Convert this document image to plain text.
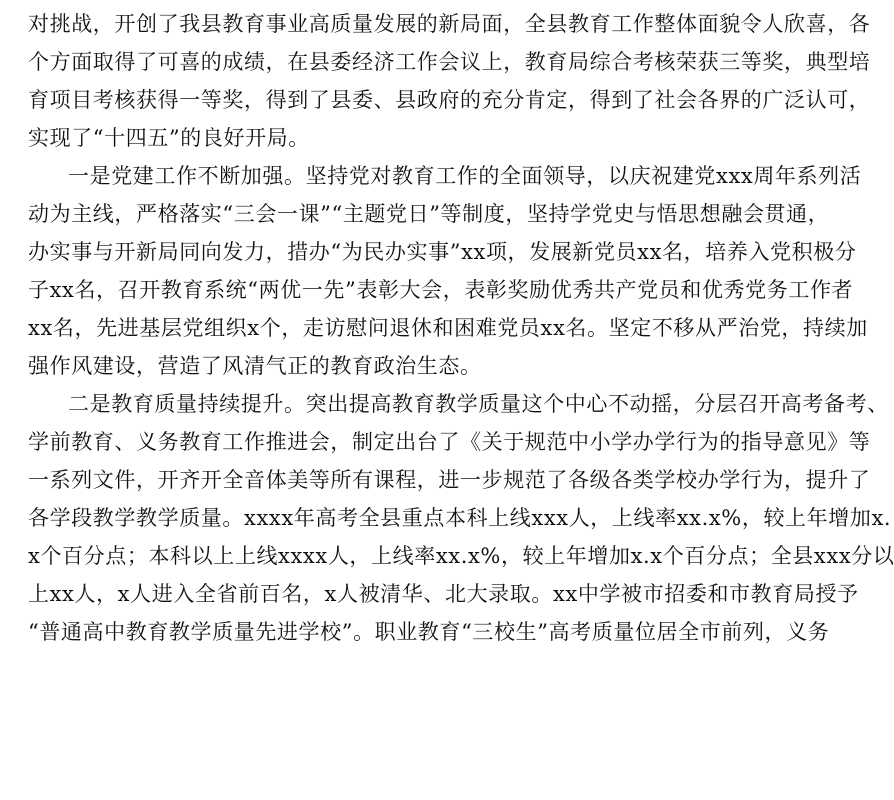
对挑战，开创了我县教育事业高质量发展的新局面，全县教育工作整体面貌令人欣喜，各
个方面取得了可喜的成绩，在县委经济工作会议上，教育局综合考核荣获三等奖，典型培
育项目考核获得一等奖，得到了县委、县政府的充分肯定，得到了社会各界的广泛认可，
实现了“十四五”的良好开局。
一是党建工作不断加强。坚持党对教育工作的全面领导，以庆祝建党xxx周年系列活
动为主线，严格落实“三会一课”“主题党日”等制度，坚持学党史与悟思想融会贯通，
办实事与开新局同向发力，措办“为民办实事”xx项，发展新党员xx名，培养入党积极分
子xx名，召开教育系统“两优一先”表彰大会，表彰奖励优秀共产党员和优秀党务工作者
xx名，先进基层党组织x个，走访慰问退休和困难党员xx名。坚定不移从严治党，持续加
强作风建设，营造了风清气正的教育政治生态。
二是教育质量持续提升。突出提高教育教学质量这个中心不动摇，分层召开高考备考、
学前教育、义务教育工作推进会，制定出台了《关于规范中小学办学行为的指导意见》等
一系列文件，开齐开全音体美等所有课程，进一步规范了各级各类学校办学行为，提升了
各学段教学教学质量。xxxx年高考全县重点本科上线xxx人，上线率xx.x%，较上年增加x.
x个百分点；本科以上上线xxxx人，上线率xx.x%，较上年增加x.x个百分点；全县xxx分以
上xx人，x人进入全省前百名，x人被清华、北大录取。xx中学被市招委和市教育局授予
“普通高中教育教学质量先进学校”。职业教育“三校生”高考质量位居全市前列，义务
